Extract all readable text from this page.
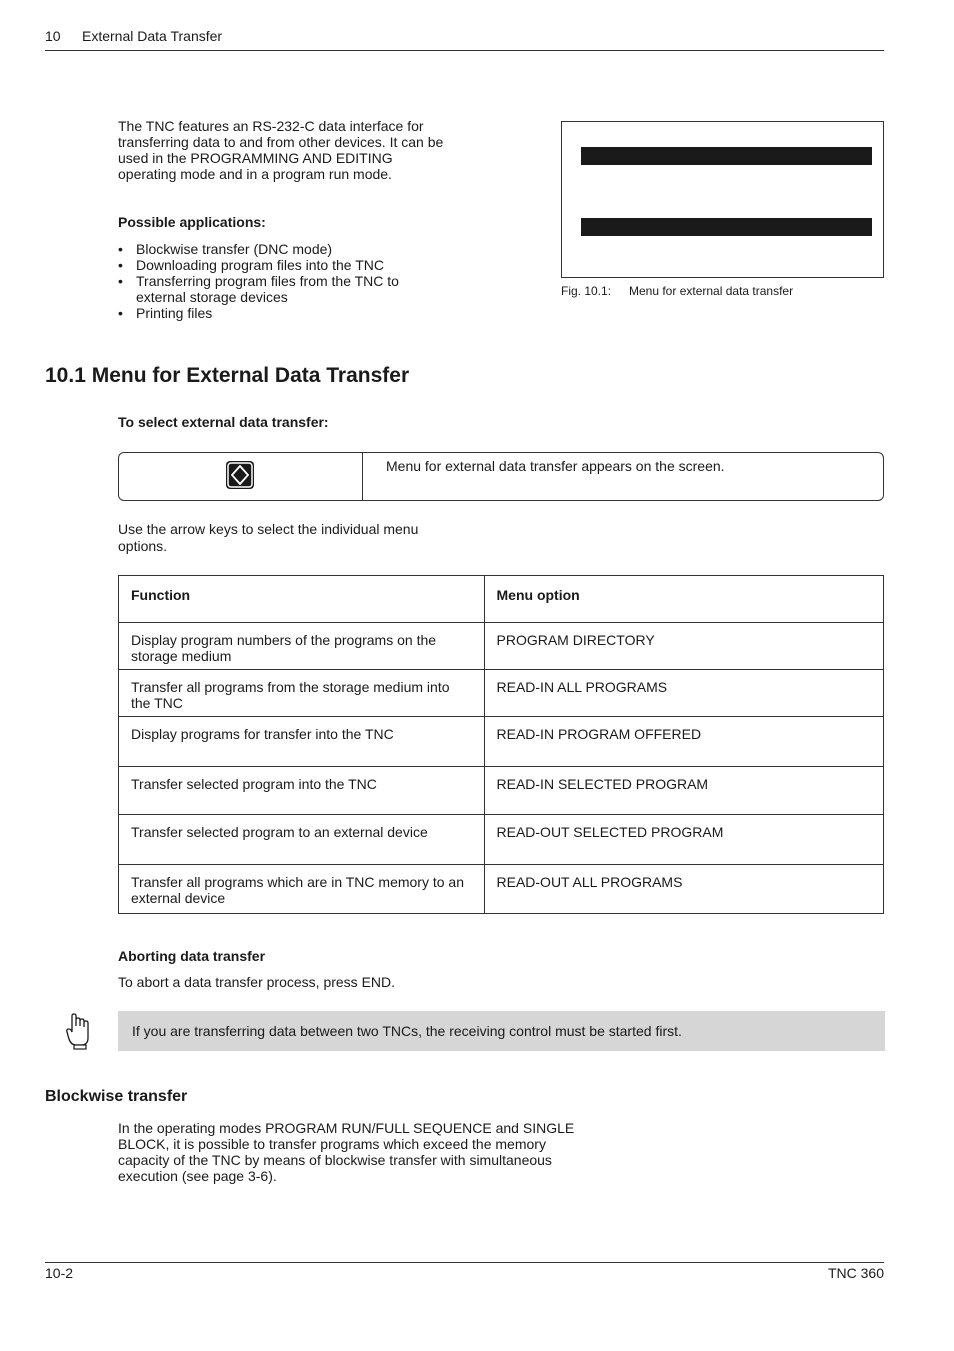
10 External Data Transfer

The TNC features an RS-232-C data interface for transferring data to and from other devices. It can be used in the PROGRAMMING AND EDITING operating mode and in a program run mode.

Possible applications:

• Blockwise transfer (DNC mode)
• Downloading program files into the TNC
• Transferring program files from the TNC to external storage devices
• Printing files
Fig. 10.1: Menu for external data transfer
10.1 Menu for External Data Transfer

To select external data transfer:

Menu for external data transfer appears on the screen.

Use the arrow keys to select the individual menu options.

Function	Menu option
Display program numbers of the programs on the storage medium	PROGRAM DIRECTORY
Transfer all programs from the storage medium into the TNC	READ-IN ALL PROGRAMS
Display programs for transfer into the TNC	READ-IN PROGRAM OFFERED
Transfer selected program into the TNC	READ-IN SELECTED PROGRAM
Transfer selected program to an external device	READ-OUT SELECTED PROGRAM
Transfer all programs which are in TNC memory to an external device	READ-OUT ALL PROGRAMS

Aborting data transfer

To abort a data transfer process, press END.

If you are transferring data between two TNCs, the receiving control must be started first.
Blockwise transfer

In the operating modes PROGRAM RUN/FULL SEQUENCE and SINGLE BLOCK, it is possible to transfer programs which exceed the memory capacity of the TNC by means of blockwise transfer with simultaneous execution (see page 3-6).

10-2	TNC 360
